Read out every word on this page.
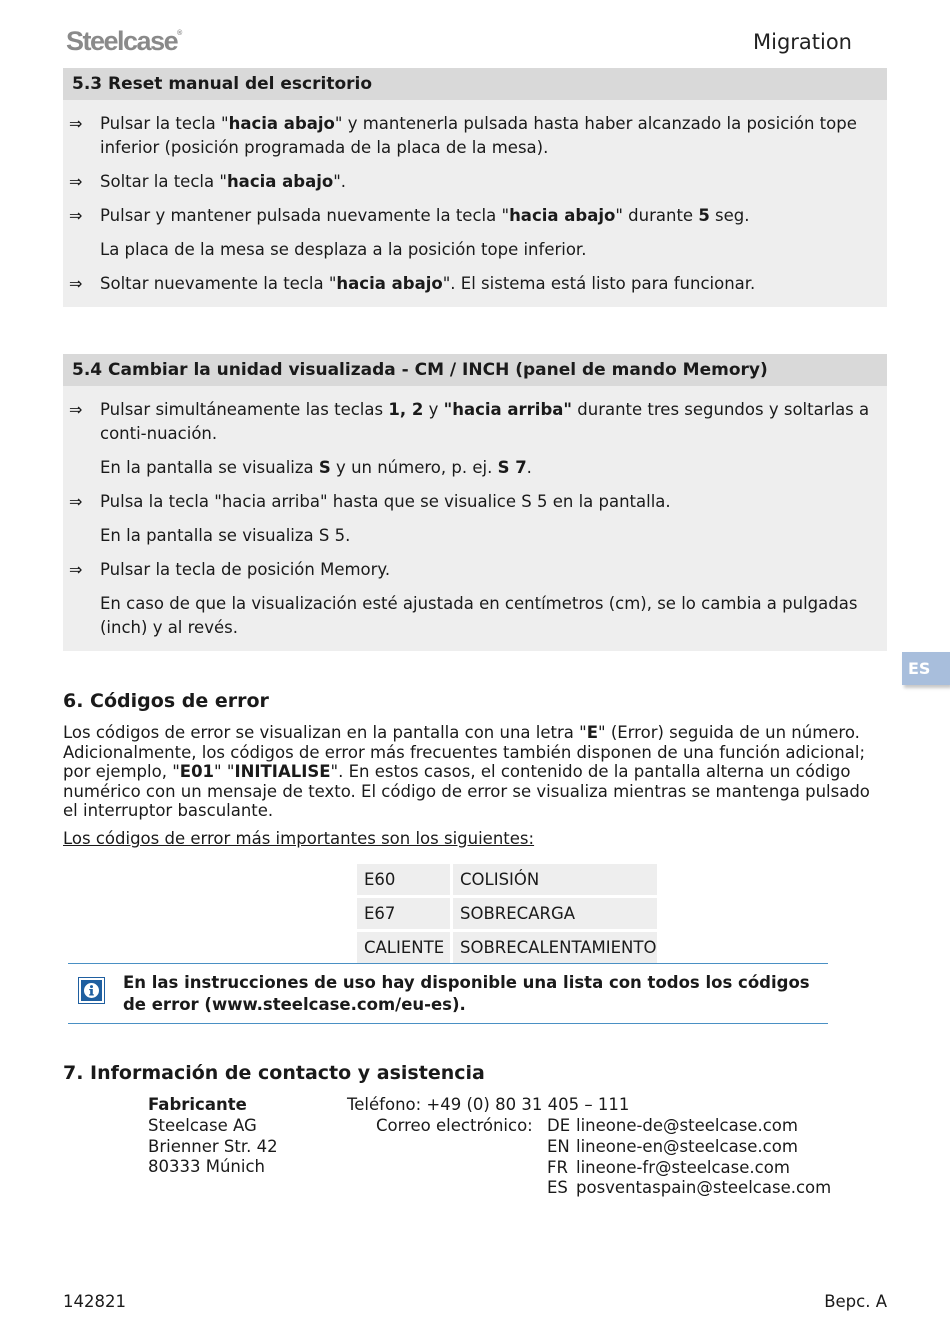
Steelcase®	Migration
5.3 Reset manual del escritorio
⇒ Pulsar la tecla "hacia abajo" y mantenerla pulsada hasta haber alcanzado la posición tope inferior (posición programada de la placa de la mesa).
⇒ Soltar la tecla "hacia abajo".
⇒ Pulsar y mantener pulsada nuevamente la tecla "hacia abajo" durante 5 seg.
La placa de la mesa se desplaza a la posición tope inferior.
⇒ Soltar nuevamente la tecla "hacia abajo". El sistema está listo para funcionar.
5.4 Cambiar la unidad visualizada - CM / INCH (panel de mando Memory)
⇒ Pulsar simultáneamente las teclas 1, 2 y "hacia arriba" durante tres segundos y soltarlas a conti-nuación.
En la pantalla se visualiza S y un número, p. ej. S 7.
⇒ Pulsa la tecla "hacia arriba" hasta que se visualice S 5 en la pantalla.
En la pantalla se visualiza S 5.
⇒ Pulsar la tecla de posición Memory.
En caso de que la visualización esté ajustada en centímetros (cm), se lo cambia a pulgadas (inch) y al revés.
ES
6. Códigos de error
Los códigos de error se visualizan en la pantalla con una letra "E" (Error) seguida de un número. Adicionalmente, los códigos de error más frecuentes también disponen de una función adicional; por ejemplo, "E01" "INITIALISE". En estos casos, el contenido de la pantalla alterna un código numérico con un mensaje de texto. El código de error se visualiza mientras se mantenga pulsado el interruptor basculante.
Los códigos de error más importantes son los siguientes:
E60	COLISIÓN
E67	SOBRECARGA
CALIENTE	SOBRECALENTAMIENTO
En las instrucciones de uso hay disponible una lista con todos los códigos de error (www.steelcase.com/eu-es).
7. Información de contacto y asistencia
Fabricante
Steelcase AG
Brienner Str. 42
80333 Múnich
Teléfono: +49 (0) 80 31 405 – 111
Correo electrónico: DE lineone-de@steelcase.com
EN lineone-en@steelcase.com
FR lineone-fr@steelcase.com
ES posventaspain@steelcase.com
142821	Верс. A
